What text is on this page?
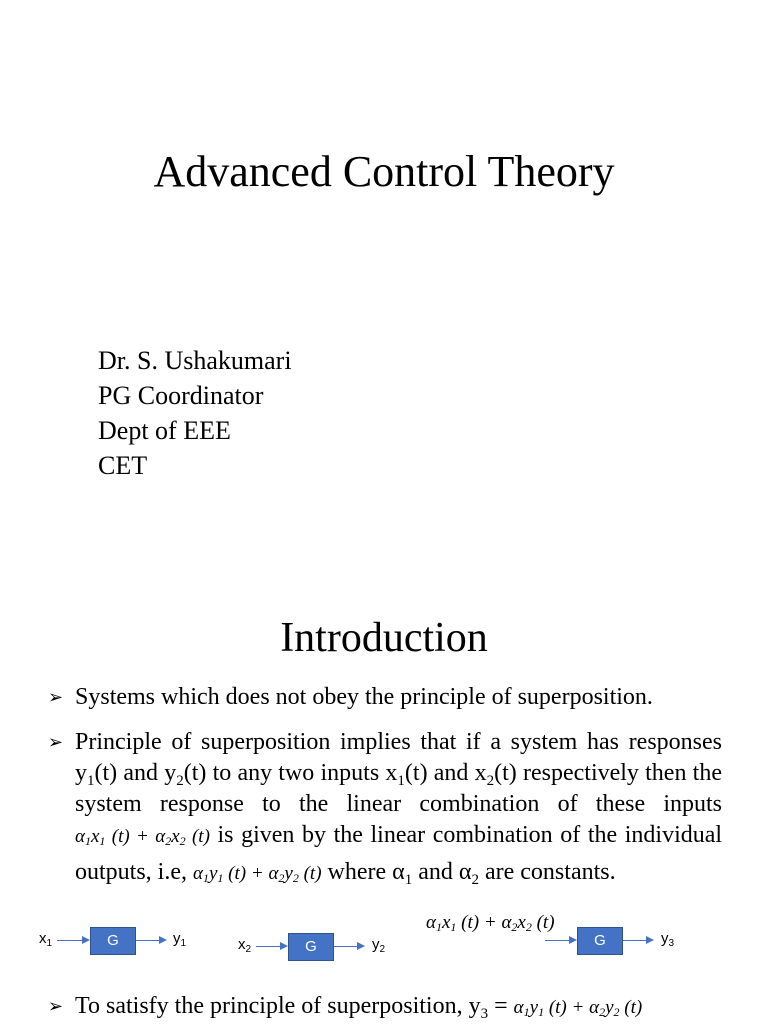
Advanced Control Theory
Dr. S. Ushakumari
PG Coordinator
Dept of EEE
CET
Introduction
➢ Systems which does not obey the principle of superposition.
➢ Principle of superposition implies that if a system has responses $y_1(t)$ and $y_2(t)$ to any two inputs $x_1(t)$ and $x_2(t)$ respectively then the system response to the linear combination of these inputs α1x1 (t) + α2x2 (t) is given by the linear combination of the individual outputs, i.e, α1y1 (t) + α2y2 (t) where $\alpha_1$ and $\alpha_2$ are constants.
$x_1$	G	$y_1$	$x_2$	G	$y_2$
α1x1 (t) + α2x2 (t)
G	$y_3$
➢ To satisfy the principle of superposition, $y_3 = \alpha 1y1$ (t) + α2y2 (t)
